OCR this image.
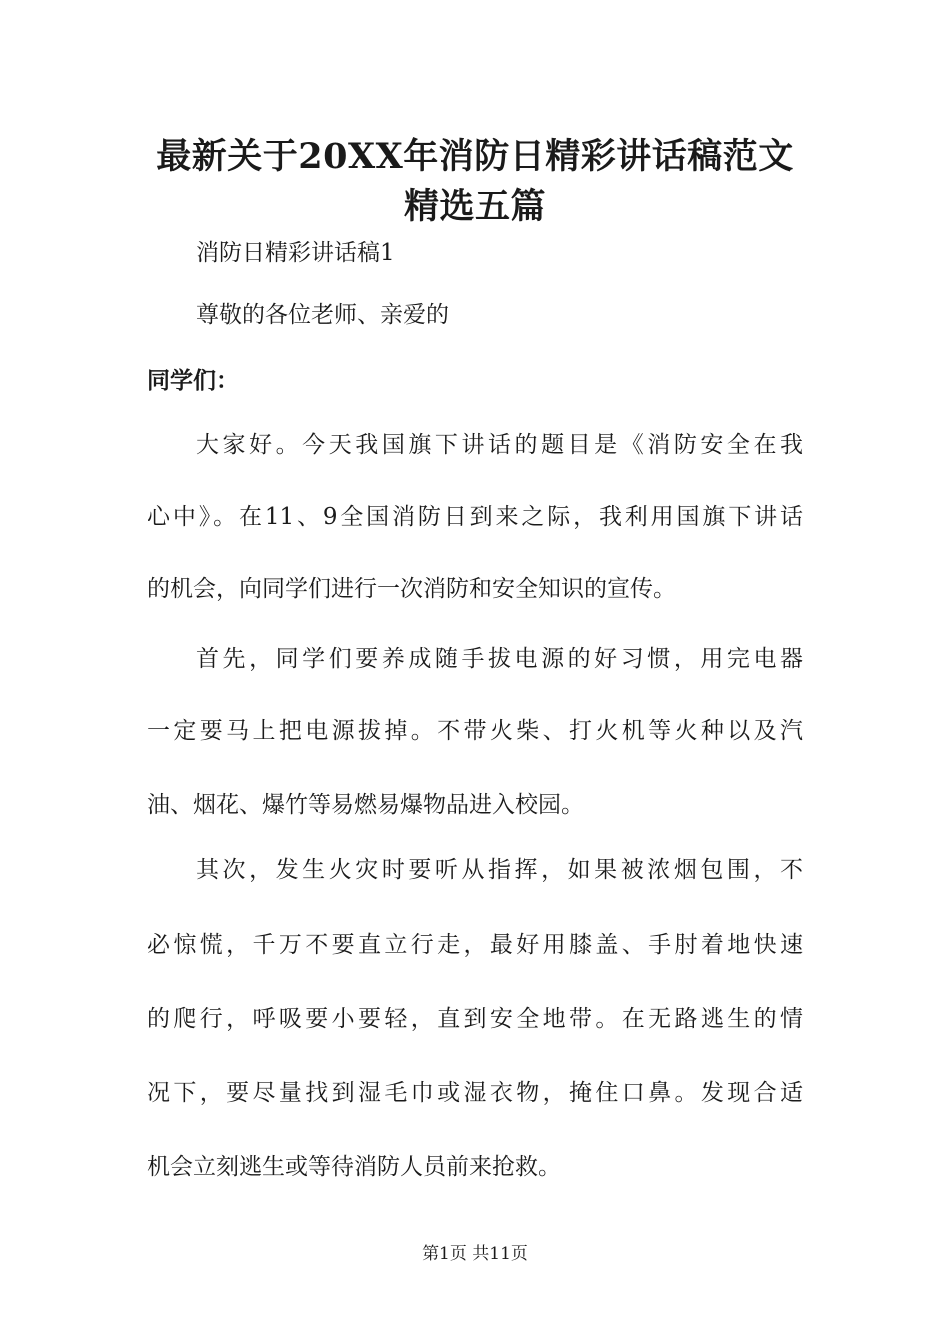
最新关于20XX年消防日精彩讲话稿范文精选五篇

消防日精彩讲话稿1

尊敬的各位老师、亲爱的

同学们：

大家好。今天我国旗下讲话的题目是《消防安全在我

心中》。在11、9全国消防日到来之际，我利用国旗下讲话

的机会，向同学们进行一次消防和安全知识的宣传。

首先，同学们要养成随手拔电源的好习惯，用完电器

一定要马上把电源拔掉。不带火柴、打火机等火种以及汽

油、烟花、爆竹等易燃易爆物品进入校园。

其次，发生火灾时要听从指挥，如果被浓烟包围，不

必惊慌，千万不要直立行走，最好用膝盖、手肘着地快速

的爬行，呼吸要小要轻，直到安全地带。在无路逃生的情

况下，要尽量找到湿毛巾或湿衣物，掩住口鼻。发现合适

机会立刻逃生或等待消防人员前来抢救。

第1页 共11页
